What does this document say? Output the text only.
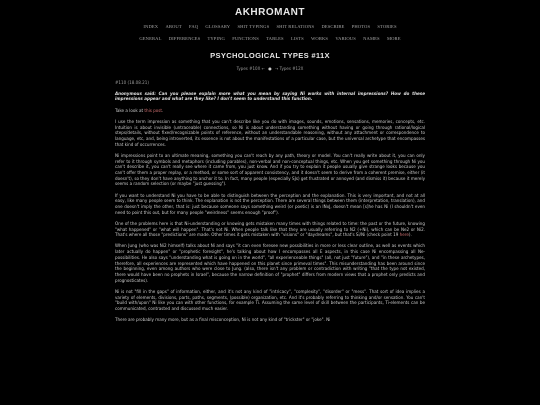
AKHROMANT
INDEX ABOUT FAQ GLOSSARY SHIT TYPINGS SHIT RELATIONS DESCRIBE PHOTOS STORIES
GENERAL DIFFERENCES TYPING FUNCTIONS TABLES LISTS WORKS VARIOUS NAMES MORE
PSYCHOLOGICAL TYPES #11X
Types #10X ← ● → Types #12X

#110 (18.08.21)

Anonymous said: Can you please explain more what you mean by saying Ni works with internal impressions? How do these impressions appear and what are they like? I don't seem to understand this function.

Take a look at this post.

I use the term impression as something that you can't describe like you do with images, sounds, emotions, sensations, memories, concepts, etc. Intuition is about invisible (untraceable) connections, so Ni is about understanding something without having or going through rational/logical steps/details, without fixed/recognizable points of reference, without an understandable reasoning, without any attachment or correspondence to language, etc, and, being introverted, its essence is not about the manifestations of a particular case, but the universal archetype that encompasses that kind of occurrences.

Ni impressions point to an ultimate meaning, something you can't reach by any path, theory or model. You can't really write about it, you can only refer to it through symbols and metaphors (including parables), non-verbal and non-conceptual things, etc. When you get something through Ni you can't describe it, you can't really see where it came from, you just know. And if you try to explain it people usually give strange looks because you can't offer them a proper replay, or a method, or some sort of apparent consistency, and it doesn't seem to derive from a coherent premise, either (it doesn't), so they don't have anything to anchor it to. In fact, many people (especially SJs) get frustrated or annoyed (and dismiss it) because it merely seems a random selection (or maybe "just guessing").

If you want to understand Ni you have to be able to distinguish between the perception and the explanation. This is very important, and not at all easy, like many people seem to think. The explanation is not the perception. There are several things between them (interpretation, translation), and one doesn't imply the other, that is: just because someone says something weird (or poetic) is an INxJ, doesn't mean [s]he has Ni (I shouldn't even need to point this out, but for many people "weirdness" seems enough "proof").

One of the problems here is that Ni-understanding or knowing gets mistaken many times with things related to time: the past or the future, knowing "what happened" or "what will happen". That's not Ni. When people talk like that they are usually referring to N2 (+Ni), which can be Ne2 or Ni2. That's where all those "predictions" are made. Other times it gets mistaken with "visions" or "daydreams", but that's Si/Ni (check point 19 here).

When Jung (who was Ni2 himself) talks about Ni and says "it can even foresee new possibilities in more or less clear outline, as well as events which later actually do happen" or "prophetic foresight", he's talking about how I encompasses all E aspects, in this case Ni encompassing all Ne-possibilities. He also says "understanding what is going on in the world", "all experienceable things" (all, not just "future"), and "in these archetypes, therefore, all experiences are represented which have happened on this planet since primeval times". This misunderstanding has been around since the beginning, even among authors who were close to Jung. (also, there isn't any problem or contradiction with writing "that the type not existed, there would have been no prophets in Israel", because the narrow definition of "prophet" differs from modern views that a prophet only predicts and prognosticates).

Ni is not "fill in the gaps" of information, either, and it's not any kind of "intricacy", "complexity", "disorder" or "mess". That sort of idea implies a variety of elements, divisions, parts, paths, segments, (possible) organization, etc. And it's probably referring to thinking and/or sensation. You can't "build with/upon" Ni like you can with other functions, for example Ti. Assuming the same level of skill between the participants, Ti-elements can be communicated, contrasted and discussed much easier.

There are probably many more, but as a final misconception, Ni is not any kind of "trickster" or "joke". Ni
